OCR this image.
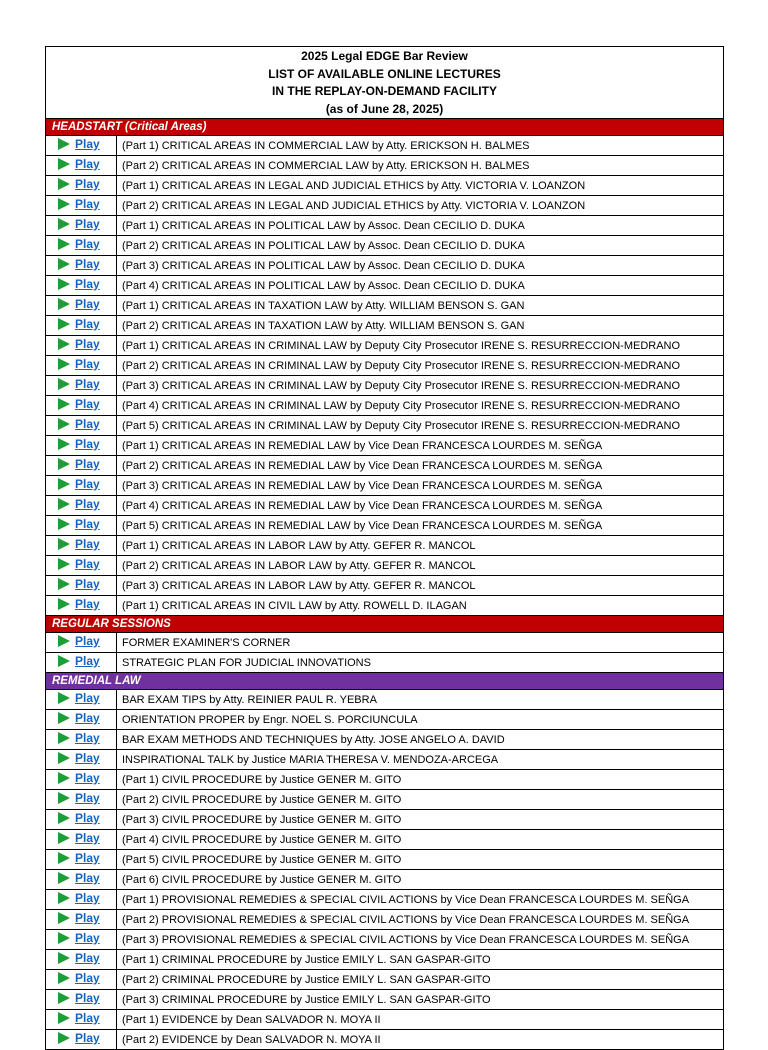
2025 Legal EDGE Bar Review
LIST OF AVAILABLE ONLINE LECTURES
IN THE REPLAY-ON-DEMAND FACILITY
(as of June 28, 2025)	

HEADSTART (Critical Areas)	

Play	(Part 1) CRITICAL AREAS IN COMMERCIAL LAW by Atty. ERICKSON H. BALMES

Play	(Part 2) CRITICAL AREAS IN COMMERCIAL LAW by Atty. ERICKSON H. BALMES

Play	(Part 1) CRITICAL AREAS IN LEGAL AND JUDICIAL ETHICS by Atty. VICTORIA V. LOANZON

Play	(Part 2) CRITICAL AREAS IN LEGAL AND JUDICIAL ETHICS by Atty. VICTORIA V. LOANZON

Play	(Part 1) CRITICAL AREAS IN POLITICAL LAW by Assoc. Dean CECILIO D. DUKA

Play	(Part 2) CRITICAL AREAS IN POLITICAL LAW by Assoc. Dean CECILIO D. DUKA

Play	(Part 3) CRITICAL AREAS IN POLITICAL LAW by Assoc. Dean CECILIO D. DUKA

Play	(Part 4) CRITICAL AREAS IN POLITICAL LAW by Assoc. Dean CECILIO D. DUKA

Play	(Part 1) CRITICAL AREAS IN TAXATION LAW by Atty. WILLIAM BENSON S. GAN

Play	(Part 2) CRITICAL AREAS IN TAXATION LAW by Atty. WILLIAM BENSON S. GAN

Play	(Part 1) CRITICAL AREAS IN CRIMINAL LAW by Deputy City Prosecutor IRENE S. RESURRECCION-MEDRANO

Play	(Part 2) CRITICAL AREAS IN CRIMINAL LAW by Deputy City Prosecutor IRENE S. RESURRECCION-MEDRANO

Play	(Part 3) CRITICAL AREAS IN CRIMINAL LAW by Deputy City Prosecutor IRENE S. RESURRECCION-MEDRANO

Play	(Part 4) CRITICAL AREAS IN CRIMINAL LAW by Deputy City Prosecutor IRENE S. RESURRECCION-MEDRANO

Play	(Part 5) CRITICAL AREAS IN CRIMINAL LAW by Deputy City Prosecutor IRENE S. RESURRECCION-MEDRANO

Play	(Part 1) CRITICAL AREAS IN REMEDIAL LAW by Vice Dean FRANCESCA LOURDES M. SEÑGA

Play	(Part 2) CRITICAL AREAS IN REMEDIAL LAW by Vice Dean FRANCESCA LOURDES M. SEÑGA

Play	(Part 3) CRITICAL AREAS IN REMEDIAL LAW by Vice Dean FRANCESCA LOURDES M. SEÑGA

Play	(Part 4) CRITICAL AREAS IN REMEDIAL LAW by Vice Dean FRANCESCA LOURDES M. SEÑGA

Play	(Part 5) CRITICAL AREAS IN REMEDIAL LAW by Vice Dean FRANCESCA LOURDES M. SEÑGA

Play	(Part 1) CRITICAL AREAS IN LABOR LAW by Atty. GEFER R. MANCOL

Play	(Part 2) CRITICAL AREAS IN LABOR LAW by Atty. GEFER R. MANCOL

Play	(Part 3) CRITICAL AREAS IN LABOR LAW by Atty. GEFER R. MANCOL

Play	(Part 1) CRITICAL AREAS IN CIVIL LAW by Atty. ROWELL D. ILAGAN
REGULAR SESSIONS	

Play	FORMER EXAMINER'S CORNER

Play	STRATEGIC PLAN FOR JUDICIAL INNOVATIONS
REMEDIAL LAW	

Play	BAR EXAM TIPS by Atty. REINIER PAUL R. YEBRA

Play	ORIENTATION PROPER by Engr. NOEL S. PORCIUNCULA

Play	BAR EXAM METHODS AND TECHNIQUES by Atty. JOSE ANGELO A. DAVID

Play	INSPIRATIONAL TALK by Justice MARIA THERESA V. MENDOZA-ARCEGA

Play	(Part 1) CIVIL PROCEDURE by Justice GENER M. GITO

Play	(Part 2) CIVIL PROCEDURE by Justice GENER M. GITO

Play	(Part 3) CIVIL PROCEDURE by Justice GENER M. GITO

Play	(Part 4) CIVIL PROCEDURE by Justice GENER M. GITO

Play	(Part 5) CIVIL PROCEDURE by Justice GENER M. GITO

Play	(Part 6) CIVIL PROCEDURE by Justice GENER M. GITO

Play	(Part 1) PROVISIONAL REMEDIES & SPECIAL CIVIL ACTIONS by Vice Dean FRANCESCA LOURDES M. SEÑGA

Play	(Part 2) PROVISIONAL REMEDIES & SPECIAL CIVIL ACTIONS by Vice Dean FRANCESCA LOURDES M. SEÑGA

Play	(Part 3) PROVISIONAL REMEDIES & SPECIAL CIVIL ACTIONS by Vice Dean FRANCESCA LOURDES M. SEÑGA

Play	(Part 1) CRIMINAL PROCEDURE by Justice EMILY L. SAN GASPAR-GITO

Play	(Part 2) CRIMINAL PROCEDURE by Justice EMILY L. SAN GASPAR-GITO

Play	(Part 3) CRIMINAL PROCEDURE by Justice EMILY L. SAN GASPAR-GITO

Play	(Part 1) EVIDENCE by Dean SALVADOR N. MOYA II

Play	(Part 2) EVIDENCE by Dean SALVADOR N. MOYA II
